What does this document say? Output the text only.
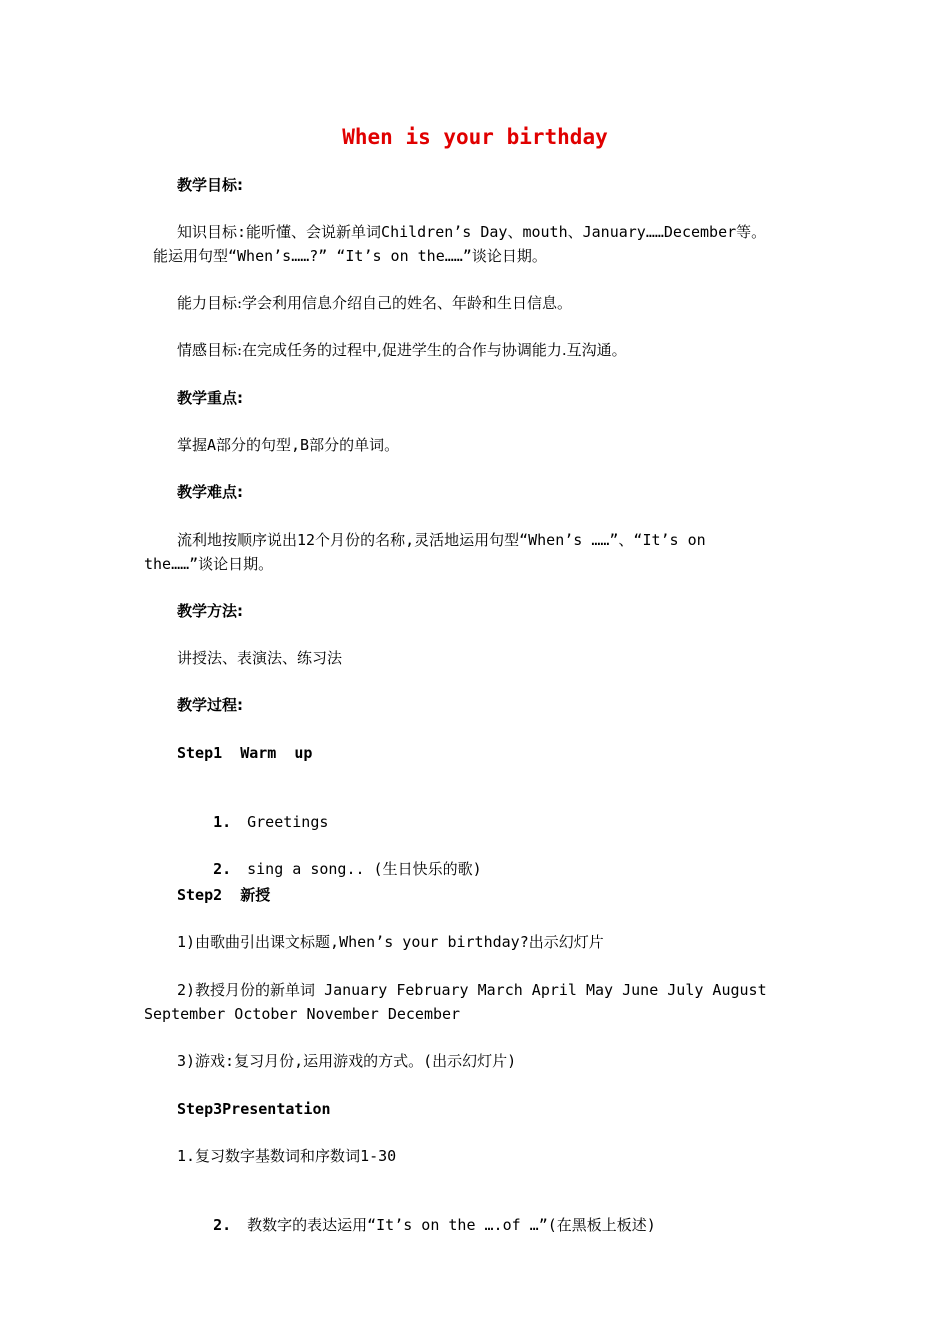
When is your birthday
教学目标:
知识目标:能听懂、会说新单词Children’s Day、mouth、January……December等。
能运用句型“When’s……?” “It’s on the……”谈论日期。
能力目标:学会利用信息介绍自己的姓名、年龄和生日信息。
情感目标:在完成任务的过程中,促进学生的合作与协调能力.互沟通。
教学重点:
掌握A部分的句型,B部分的单词。
教学难点:
流利地按顺序说出12个月份的名称,灵活地运用句型“When’s ……”、“It’s on
the……”谈论日期。
教学方法:
讲授法、表演法、练习法
教学过程:
Step1  Warm  up

1. Greetings

2. sing a song.. (生日快乐的歌)

Step2  新授
1)由歌曲引出课文标题,When’s your birthday?出示幻灯片
2)教授月份的新单词 January February March April May June July August
September October November December
3)游戏:复习月份,运用游戏的方式。(出示幻灯片)
Step3Presentation
1.复习数字基数词和序数词1-30

2. 教数字的表达运用“It’s on the ….of …”(在黑板上板述)
